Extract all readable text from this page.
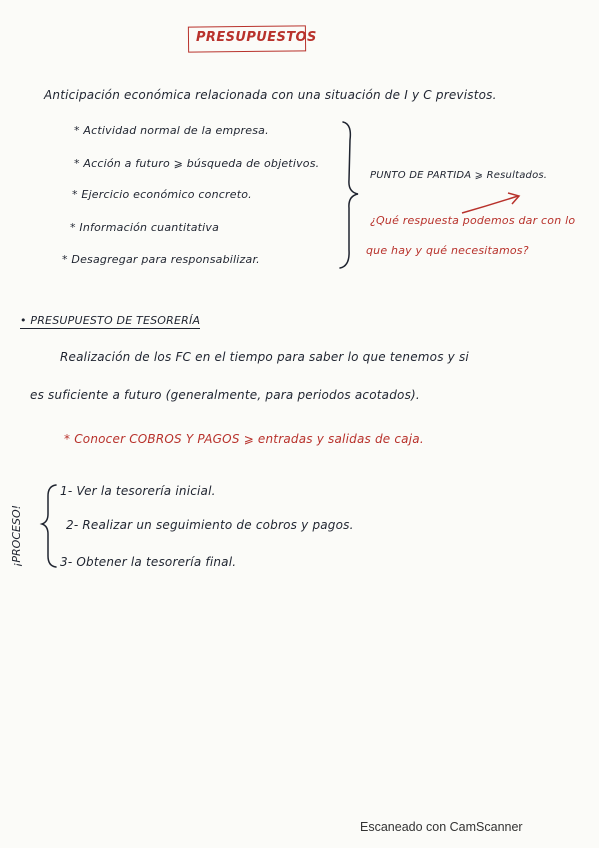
PRESUPUESTOS
Anticipación económica relacionada con una situación de I y C previstos.
* Actividad normal de la empresa.
* Acción a futuro ⩾ búsqueda de objetivos.
* Ejercicio económico concreto.
* Información cuantitativa
* Desagregar para responsabilizar.
PUNTO DE PARTIDA ⩾ Resultados.
¿Qué respuesta podemos dar con lo
que hay y qué necesitamos?
• PRESUPUESTO DE TESORERÍA
Realización de los FC en el tiempo para saber lo que tenemos y si
es suficiente a futuro (generalmente, para periodos acotados).
* Conocer COBROS Y PAGOS ⩾ entradas y salidas de caja.
¡PROCESO!
1- Ver la tesorería inicial.
2- Realizar un seguimiento de cobros y pagos.
3- Obtener la tesorería final.
Escaneado con CamScanner
